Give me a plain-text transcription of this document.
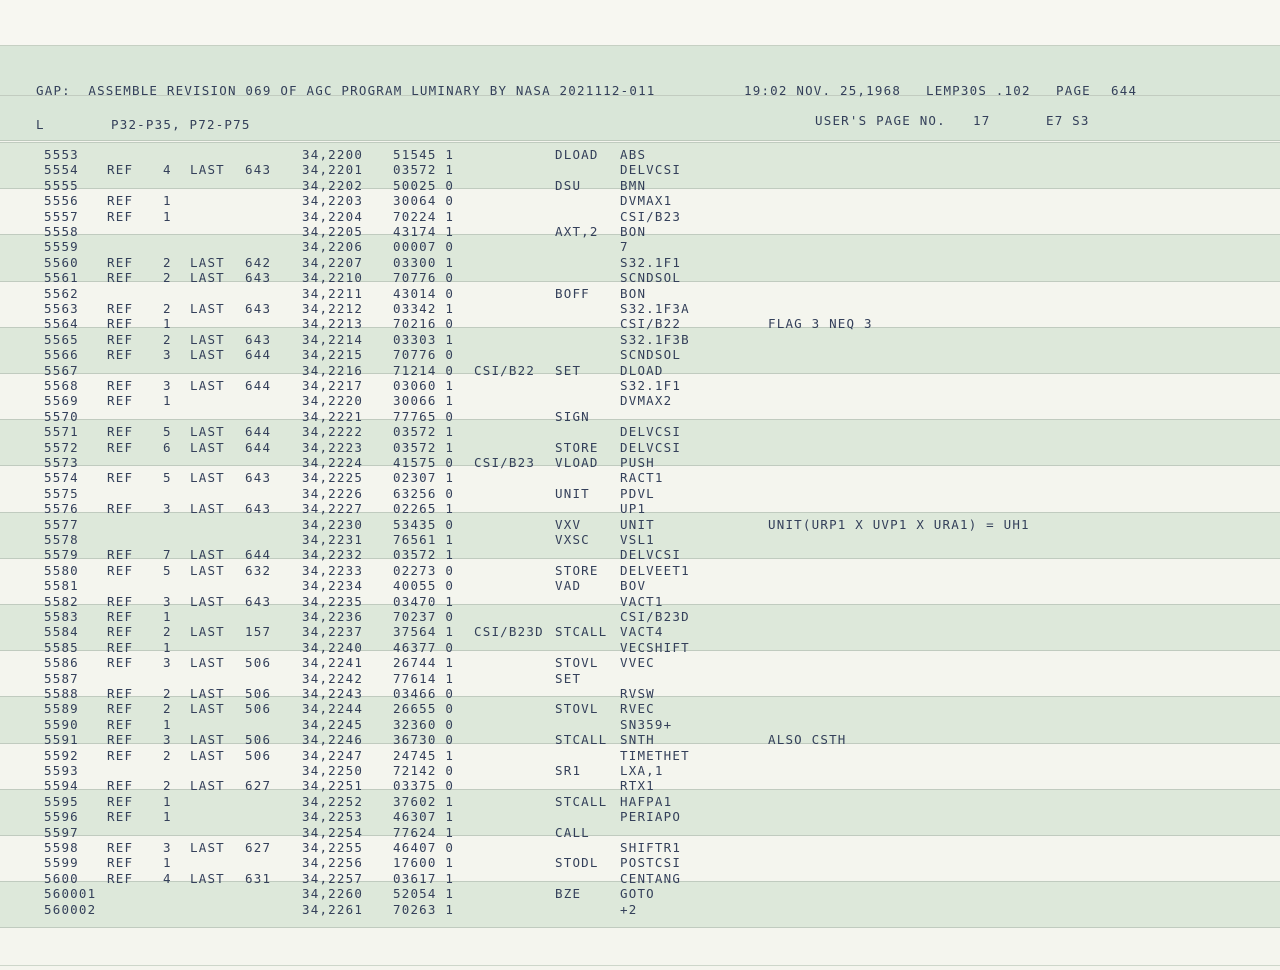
GAP:  ASSEMBLE REVISION 069 OF AGC PROGRAM LUMINARY BY NASA 2021112-011	19:02 NOV. 25,1968 LEMP30S .102 PAGE 644
L	P32-P35, P72-P75	USER'S PAGE NO. 17	E7 S3
5553	34,2200 51545 1	DLOAD ABS
5554 REF 4 LAST 643 34,2201 03572 1	DELVCSI
5555	34,2202 50025 0	DSU	BMN
5556 REF 1	34,2203 30064 0	DVMAX1
5557 REF 1	34,2204 70224 1	CSI/B23
5558	34,2205 43174 1	AXT,2 BON
5559	34,2206 00007 0	7
5560 REF 2 LAST 642 34,2207 03300 1	S32.1F1
5561 REF 2 LAST 643 34,2210 70776 0	SCNDSOL
5562	34,2211 43014 0	BOFF BON
5563 REF 2 LAST 643 34,2212 03342 1	S32.1F3A
5564 REF 1	34,2213 70216 0	CSI/B22	FLAG 3 NEQ 3
5565 REF 2 LAST 643 34,2214 03303 1	S32.1F3B
5566 REF 3 LAST 644 34,2215 70776 0	SCNDSOL
5567	34,2216 71214 0 CSI/B22 SET	DLOAD
5568 REF 3 LAST 644 34,2217 03060 1	S32.1F1
5569 REF 1	34,2220 30066 1	DVMAX2
5570	34,2221 77765 0	SIGN
5571 REF 5 LAST 644 34,2222 03572 1	DELVCSI
5572 REF 6 LAST 644 34,2223 03572 1	STORE DELVCSI
5573	34,2224 41575 0 CSI/B23 VLOAD PUSH
5574 REF 5 LAST 643 34,2225 02307 1	RACT1
5575	34,2226 63256 0	UNIT PDVL
5576 REF 3 LAST 643 34,2227 02265 1	UP1
5577	34,2230 53435 0	VXV	UNIT	UNIT(URP1 X UVP1 X URA1) = UH1
5578	34,2231 76561 1	VXSC VSL1
5579 REF 7 LAST 644 34,2232 03572 1	DELVCSI
5580 REF 5 LAST 632 34,2233 02273 0	STORE DELVEET1
5581	34,2234 40055 0	VAD	BOV
5582 REF 3 LAST 643 34,2235 03470 1	VACT1
5583 REF 1	34,2236 70237 0	CSI/B23D
5584 REF 2 LAST 157 34,2237 37564 1 CSI/B23D STCALL VACT4
5585 REF 1	34,2240 46377 0	VECSHIFT
5586 REF 3 LAST 506 34,2241 26744 1	STOVL VVEC
5587	34,2242 77614 1	SET
5588 REF 2 LAST 506 34,2243 03466 0	RVSW
5589 REF 2 LAST 506 34,2244 26655 0	STOVL RVEC
5590 REF 1	34,2245 32360 0	SN359+
5591 REF 3 LAST 506 34,2246 36730 0	STCALL SNTH	ALSO CSTH
5592 REF 2 LAST 506 34,2247 24745 1	TIMETHET
5593	34,2250 72142 0	SR1	LXA,1
5594 REF 2 LAST 627 34,2251 03375 0	RTX1
5595 REF 1	34,2252 37602 1	STCALL HAFPA1
5596 REF 1	34,2253 46307 1	PERIAPO
5597	34,2254 77624 1	CALL
5598 REF 3 LAST 627 34,2255 46407 0	SHIFTR1
5599 REF 1	34,2256 17600 1	STODL POSTCSI
5600 REF 4 LAST 631 34,2257 03617 1	CENTANG
560001	34,2260 52054 1	BZE	GOTO
560002	34,2261 70263 1	+2
